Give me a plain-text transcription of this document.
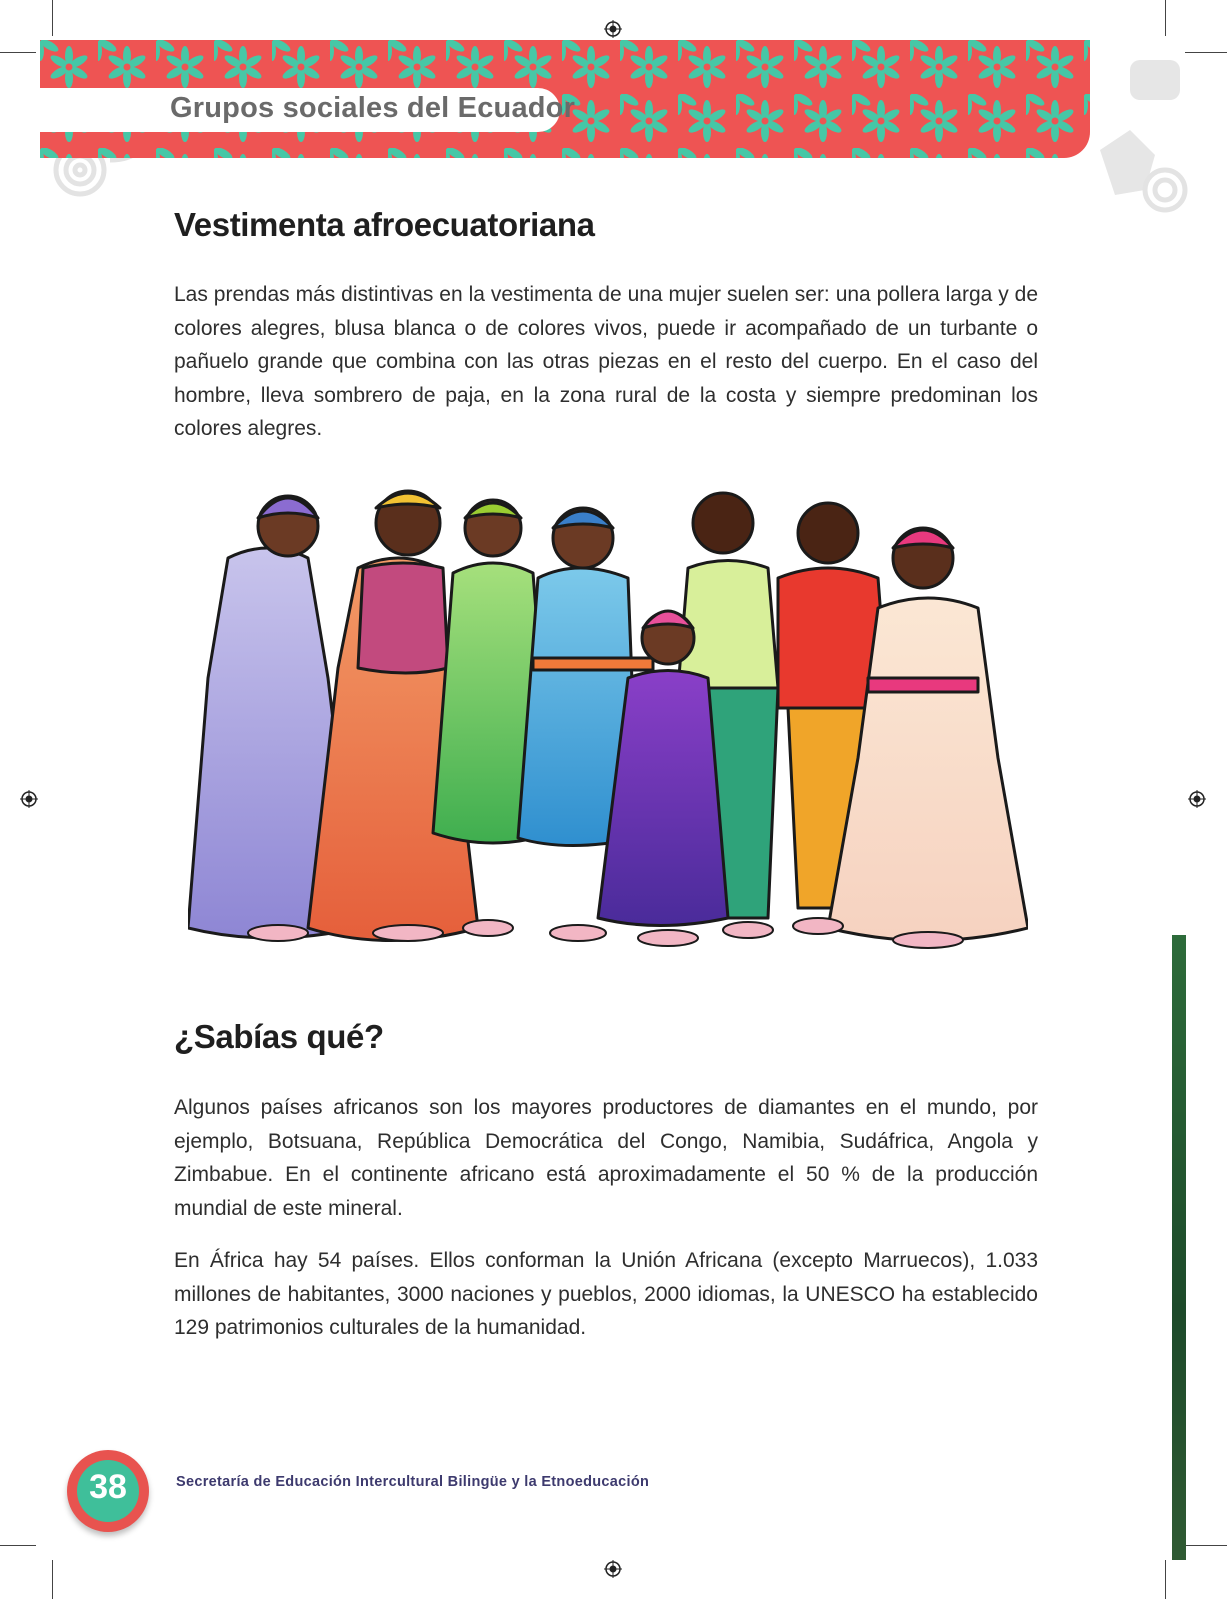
Grupos sociales del Ecuador
Vestimenta afroecuatoriana

Las prendas más distintivas en la vestimenta de una mujer suelen ser: una pollera larga y de colores alegres, blusa blanca o de colores vivos, puede ir acompañado de un turbante o pañuelo grande que combina con las otras piezas en el resto del cuerpo. En el caso del hombre, lleva sombrero de paja, en la zona rural de la costa y siempre predominan los colores alegres.

¿Sabías qué?

Algunos países africanos son los mayores productores de diamantes en el mundo, por ejemplo, Botsuana, República Democrática del Congo, Namibia, Sudáfrica, Angola y Zimbabue. En el continente africano está aproximadamente el 50 % de la producción mundial de este mineral.

En África hay 54 países. Ellos conforman la Unión Africana (excepto Marruecos), 1.033 millones de habitantes, 3000 naciones y pueblos, 2000 idiomas, la UNESCO ha establecido 129 patrimonios culturales de la humanidad.

38	Secretaría de Educación Intercultural Bilingüe y la Etnoeducación
